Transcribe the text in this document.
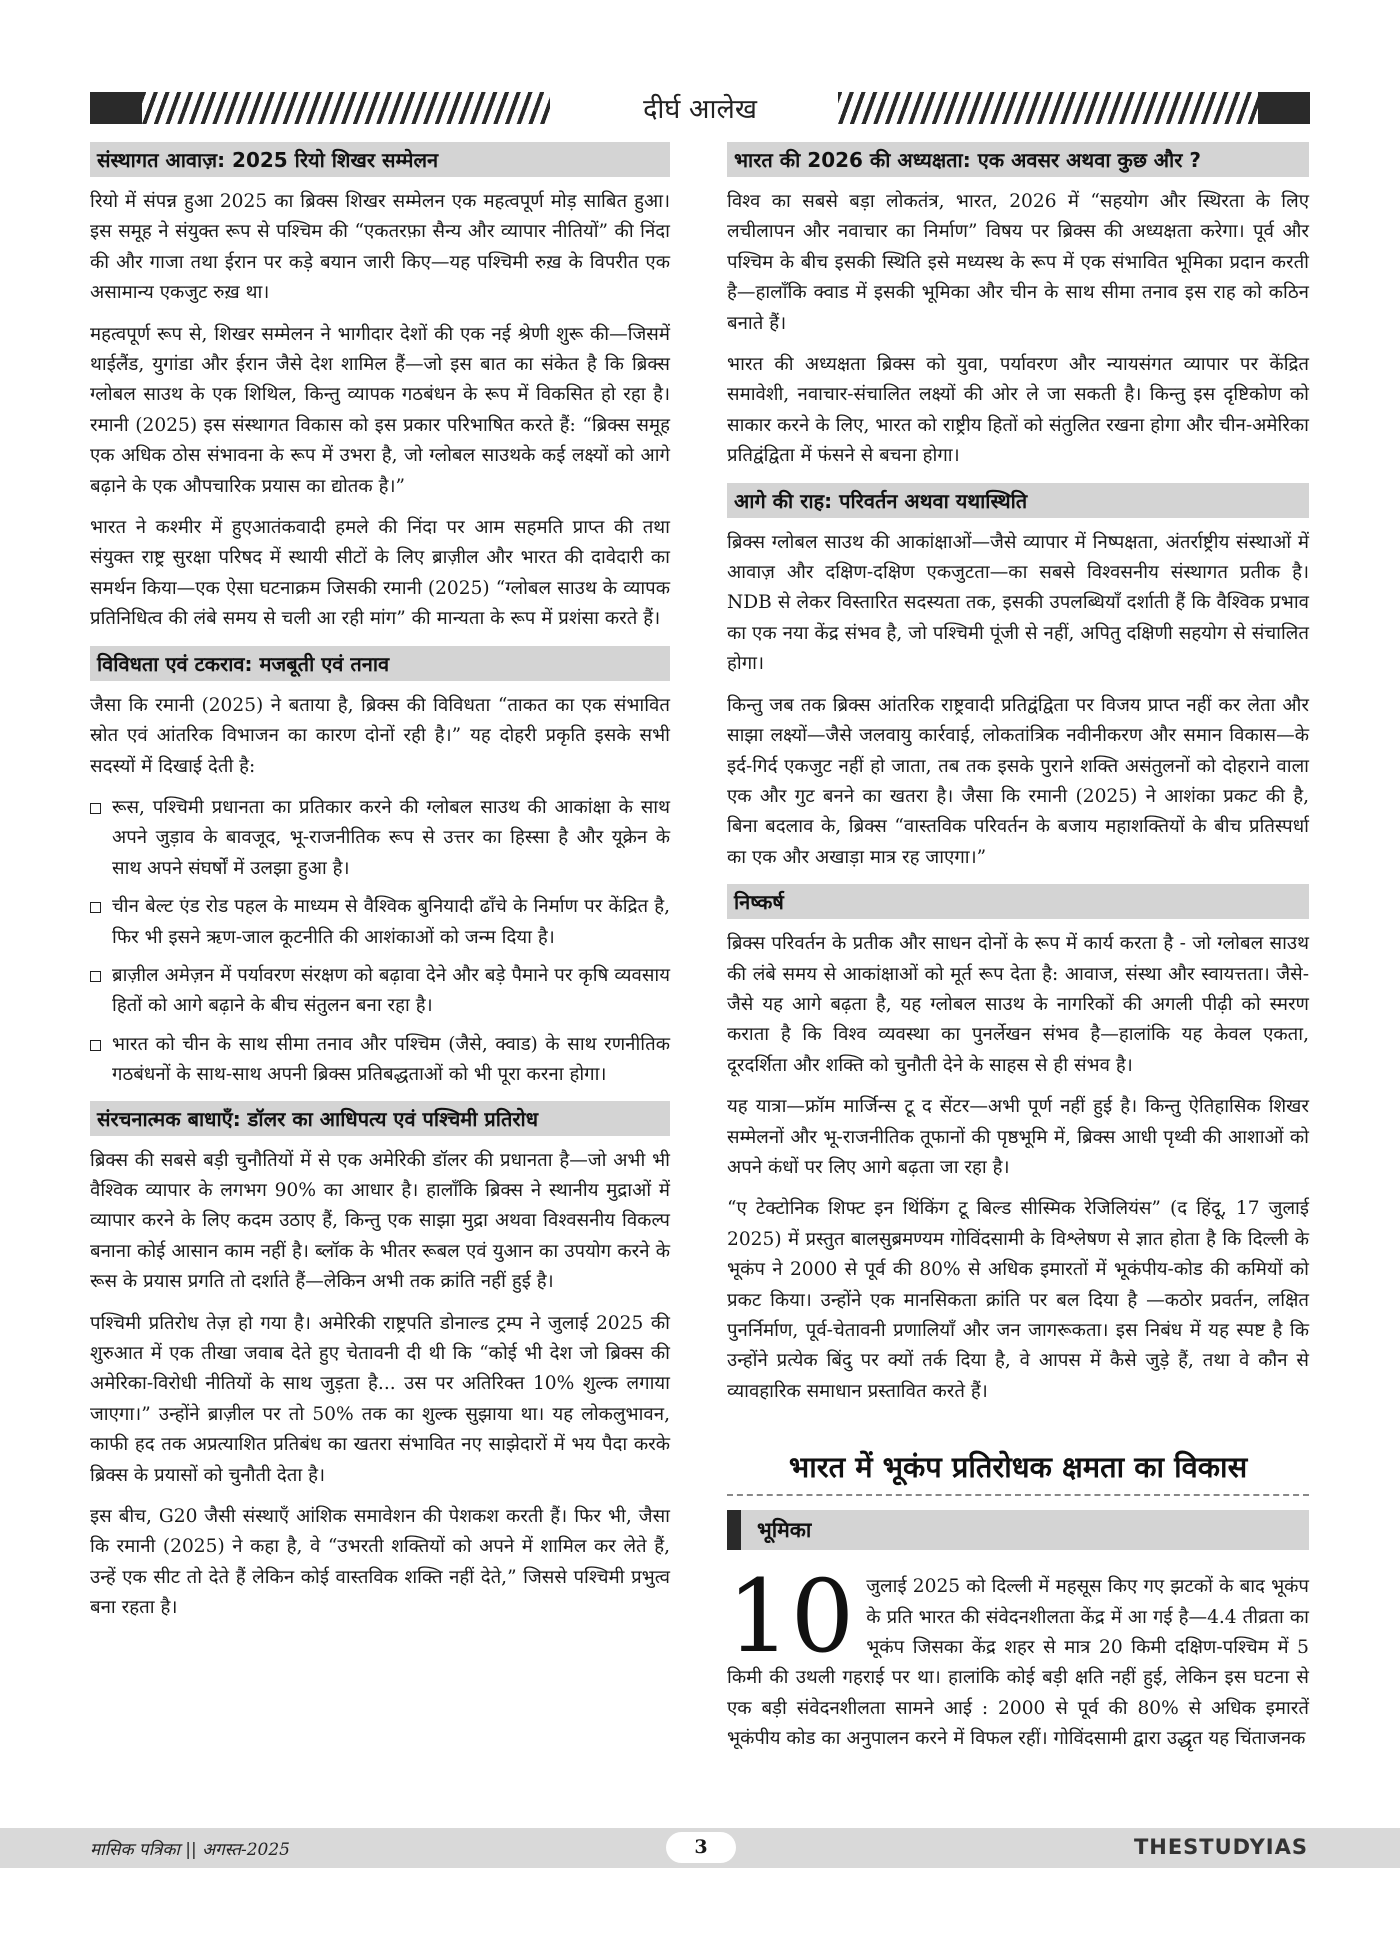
दीर्घ आलेख
संस्थागत आवाज़: 2025 रियो शिखर सम्मेलन

रियो में संपन्न हुआ 2025 का ब्रिक्स शिखर सम्मेलन एक महत्वपूर्ण मोड़ साबित हुआ। इस समूह ने संयुक्त रूप से पश्चिम की “एकतरफ़ा सैन्य और व्यापार नीतियों” की निंदा की और गाजा तथा ईरान पर कड़े बयान जारी किए—यह पश्चिमी रुख़ के विपरीत एक असामान्य एकजुट रुख़ था।

महत्वपूर्ण रूप से, शिखर सम्मेलन ने भागीदार देशों की एक नई श्रेणी शुरू की—जिसमें थाईलैंड, युगांडा और ईरान जैसे देश शामिल हैं—जो इस बात का संकेत है कि ब्रिक्स ग्लोबल साउथ के एक शिथिल, किन्तु व्यापक गठबंधन के रूप में विकसित हो रहा है। रमानी (2025) इस संस्थागत विकास को इस प्रकार परिभाषित करते हैं: “ब्रिक्स समूह एक अधिक ठोस संभावना के रूप में उभरा है, जो ग्लोबल साउथके कई लक्ष्यों को आगे बढ़ाने के एक औपचारिक प्रयास का द्योतक है।”

भारत ने कश्मीर में हुएआतंकवादी हमले की निंदा पर आम सहमति प्राप्त की तथा संयुक्त राष्ट्र सुरक्षा परिषद में स्थायी सीटों के लिए ब्राज़ील और भारत की दावेदारी का समर्थन किया—एक ऐसा घटनाक्रम जिसकी रमानी (2025) “ग्लोबल साउथ के व्यापक प्रतिनिधित्व की लंबे समय से चली आ रही मांग” की मान्यता के रूप में प्रशंसा करते हैं।

विविधता एवं टकराव: मजबूती एवं तनाव

जैसा कि रमानी (2025) ने बताया है, ब्रिक्स की विविधता “ताकत का एक संभावित स्रोत एवं आंतरिक विभाजन का कारण दोनों रही है।” यह दोहरी प्रकृति इसके सभी सदस्यों में दिखाई देती है:

रूस, पश्चिमी प्रधानता का प्रतिकार करने की ग्लोबल साउथ की आकांक्षा के साथ अपने जुड़ाव के बावजूद, भू-राजनीतिक रूप से उत्तर का हिस्सा है और यूक्रेन के साथ अपने संघर्षों में उलझा हुआ है।
चीन बेल्ट एंड रोड पहल के माध्यम से वैश्विक बुनियादी ढाँचे के निर्माण पर केंद्रित है, फिर भी इसने ऋण-जाल कूटनीति की आशंकाओं को जन्म दिया है।
ब्राज़ील अमेज़न में पर्यावरण संरक्षण को बढ़ावा देने और बड़े पैमाने पर कृषि व्यवसाय हितों को आगे बढ़ाने के बीच संतुलन बना रहा है।
भारत को चीन के साथ सीमा तनाव और पश्चिम (जैसे, क्वाड) के साथ रणनीतिक गठबंधनों के साथ-साथ अपनी ब्रिक्स प्रतिबद्धताओं को भी पूरा करना होगा।
संरचनात्मक बाधाएँ: डॉलर का आधिपत्य एवं पश्चिमी प्रतिरोध

ब्रिक्स की सबसे बड़ी चुनौतियों में से एक अमेरिकी डॉलर की प्रधानता है—जो अभी भी वैश्विक व्यापार के लगभग 90% का आधार है। हालाँकि ब्रिक्स ने स्थानीय मुद्राओं में व्यापार करने के लिए कदम उठाए हैं, किन्तु एक साझा मुद्रा अथवा विश्वसनीय विकल्प बनाना कोई आसान काम नहीं है। ब्लॉक के भीतर रूबल एवं युआन का उपयोग करने के रूस के प्रयास प्रगति तो दर्शाते हैं—लेकिन अभी तक क्रांति नहीं हुई है।

पश्चिमी प्रतिरोध तेज़ हो गया है। अमेरिकी राष्ट्रपति डोनाल्ड ट्रम्प ने जुलाई 2025 की शुरुआत में एक तीखा जवाब देते हुए चेतावनी दी थी कि “कोई भी देश जो ब्रिक्स की अमेरिका-विरोधी नीतियों के साथ जुड़ता है... उस पर अतिरिक्त 10% शुल्क लगाया जाएगा।” उन्होंने ब्राज़ील पर तो 50% तक का शुल्क सुझाया था। यह लोकलुभावन, काफी हद तक अप्रत्याशित प्रतिबंध का खतरा संभावित नए साझेदारों में भय पैदा करके ब्रिक्स के प्रयासों को चुनौती देता है।

इस बीच, G20 जैसी संस्थाएँ आंशिक समावेशन की पेशकश करती हैं। फिर भी, जैसा कि रमानी (2025) ने कहा है, वे “उभरती शक्तियों को अपने में शामिल कर लेते हैं, उन्हें एक सीट तो देते हैं लेकिन कोई वास्तविक शक्ति नहीं देते,” जिससे पश्चिमी प्रभुत्व बना रहता है।

भारत की 2026 की अध्यक्षता: एक अवसर अथवा कुछ और ?

विश्व का सबसे बड़ा लोकतंत्र, भारत, 2026 में “सहयोग और स्थिरता के लिए लचीलापन और नवाचार का निर्माण” विषय पर ब्रिक्स की अध्यक्षता करेगा। पूर्व और पश्चिम के बीच इसकी स्थिति इसे मध्यस्थ के रूप में एक संभावित भूमिका प्रदान करती है—हालाँकि क्वाड में इसकी भूमिका और चीन के साथ सीमा तनाव इस राह को कठिन बनाते हैं।

भारत की अध्यक्षता ब्रिक्स को युवा, पर्यावरण और न्यायसंगत व्यापार पर केंद्रित समावेशी, नवाचार-संचालित लक्ष्यों की ओर ले जा सकती है। किन्तु इस दृष्टिकोण को साकार करने के लिए, भारत को राष्ट्रीय हितों को संतुलित रखना होगा और चीन-अमेरिका प्रतिद्वंद्विता में फंसने से बचना होगा।

आगे की राह: परिवर्तन अथवा यथास्थिति

ब्रिक्स ग्लोबल साउथ की आकांक्षाओं—जैसे व्यापार में निष्पक्षता, अंतर्राष्ट्रीय संस्थाओं में आवाज़ और दक्षिण-दक्षिण एकजुटता—का सबसे विश्वसनीय संस्थागत प्रतीक है। NDB से लेकर विस्तारित सदस्यता तक, इसकी उपलब्धियाँ दर्शाती हैं कि वैश्विक प्रभाव का एक नया केंद्र संभव है, जो पश्चिमी पूंजी से नहीं, अपितु दक्षिणी सहयोग से संचालित होगा।

किन्तु जब तक ब्रिक्स आंतरिक राष्ट्रवादी प्रतिद्वंद्विता पर विजय प्राप्त नहीं कर लेता और साझा लक्ष्यों—जैसे जलवायु कार्रवाई, लोकतांत्रिक नवीनीकरण और समान विकास—के इर्द-गिर्द एकजुट नहीं हो जाता, तब तक इसके पुराने शक्ति असंतुलनों को दोहराने वाला एक और गुट बनने का खतरा है। जैसा कि रमानी (2025) ने आशंका प्रकट की है, बिना बदलाव के, ब्रिक्स “वास्तविक परिवर्तन के बजाय महाशक्तियों के बीच प्रतिस्पर्धा का एक और अखाड़ा मात्र रह जाएगा।”

निष्कर्ष

ब्रिक्स परिवर्तन के प्रतीक और साधन दोनों के रूप में कार्य करता है - जो ग्लोबल साउथ की लंबे समय से आकांक्षाओं को मूर्त रूप देता है: आवाज, संस्था और स्वायत्तता। जैसे-जैसे यह आगे बढ़ता है, यह ग्लोबल साउथ के नागरिकों की अगली पीढ़ी को स्मरण कराता है कि विश्व व्यवस्था का पुनर्लेखन संभव है—हालांकि यह केवल एकता, दूरदर्शिता और शक्ति को चुनौती देने के साहस से ही संभव है।

यह यात्रा—फ्रॉम मार्जिन्स टू द सेंटर—अभी पूर्ण नहीं हुई है। किन्तु ऐतिहासिक शिखर सम्मेलनों और भू-राजनीतिक तूफानों की पृष्ठभूमि में, ब्रिक्स आधी पृथ्वी की आशाओं को अपने कंधों पर लिए आगे बढ़ता जा रहा है।

“ए टेक्टोनिक शिफ्ट इन थिंकिंग टू बिल्ड सीस्मिक रेजिलियंस” (द हिंदू, 17 जुलाई 2025) में प्रस्तुत बालसुब्रमण्यम गोविंदसामी के विश्लेषण से ज्ञात होता है कि दिल्ली के भूकंप ने 2000 से पूर्व की 80% से अधिक इमारतों में भूकंपीय-कोड की कमियों को प्रकट किया। उन्होंने एक मानसिकता क्रांति पर बल दिया है —कठोर प्रवर्तन, लक्षित पुनर्निर्माण, पूर्व-चेतावनी प्रणालियाँ और जन जागरूकता। इस निबंध में यह स्पष्ट है कि उन्होंने प्रत्येक बिंदु पर क्यों तर्क दिया है, वे आपस में कैसे जुड़े हैं, तथा वे कौन से व्यावहारिक समाधान प्रस्तावित करते हैं।

भारत में भूकंप प्रतिरोधक क्षमता का विकास
भूमिका
10 जुलाई 2025 को दिल्ली में महसूस किए गए झटकों के बाद भूकंप के प्रति भारत की संवेदनशीलता केंद्र में आ गई है—4.4 तीव्रता का भूकंप जिसका केंद्र शहर से मात्र 20 किमी दक्षिण-पश्चिम में 5 किमी की उथली गहराई पर था। हालांकि कोई बड़ी क्षति नहीं हुई, लेकिन इस घटना से एक बड़ी संवेदनशीलता सामने आई : 2000 से पूर्व की 80% से अधिक इमारतें भूकंपीय कोड का अनुपालन करने में विफल रहीं। गोविंदसामी द्वारा उद्धृत यह चिंताजनक
मासिक पत्रिका || अगस्त-2025	3	THESTUDYIAS
